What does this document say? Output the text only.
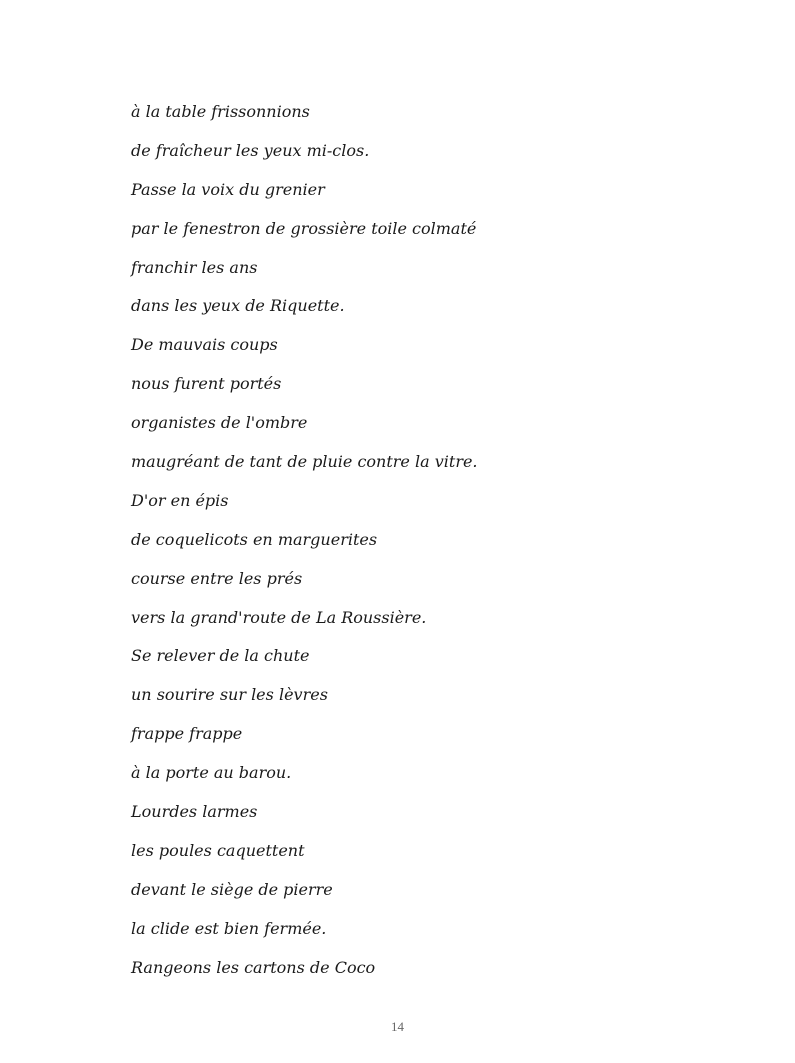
à la table frissonnions
de fraîcheur les yeux mi-clos.
Passe la voix du grenier
par le fenestron de grossière toile colmaté
franchir les ans
dans les yeux de Riquette.
De mauvais coups
nous furent portés
organistes de l'ombre
maugréant de tant de pluie contre la vitre.
D'or en épis
de coquelicots en marguerites
course entre les prés
vers la grand'route de La Roussière.
Se relever de la chute
un sourire sur les lèvres
frappe frappe
à la porte au barou.
Lourdes larmes
les poules caquettent
devant le siège de pierre
la clide est bien fermée.
Rangeons les cartons de Coco
14
